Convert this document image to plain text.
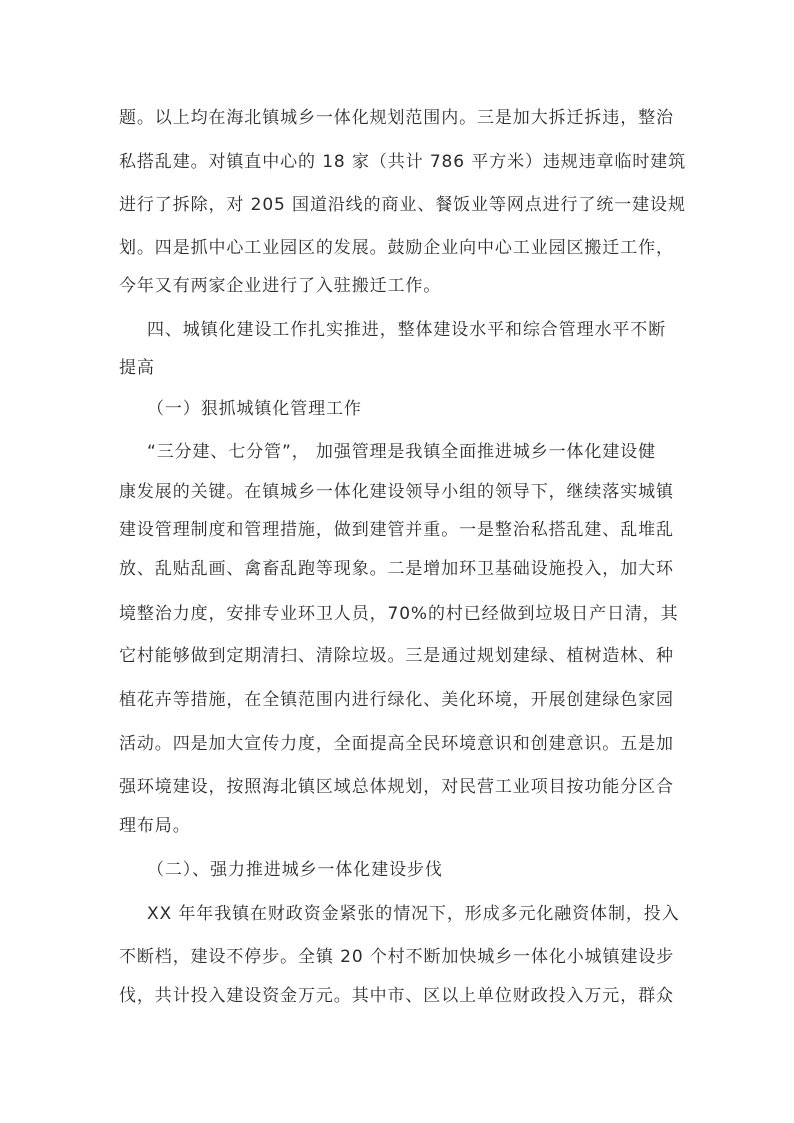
题。以上均在海北镇城乡一体化规划范围内。三是加大拆迁拆违，整治
私搭乱建。对镇直中心的 18 家（共计 786 平方米）违规违章临时建筑
进行了拆除，对 205 国道沿线的商业、餐饭业等网点进行了统一建设规
划。四是抓中心工业园区的发展。鼓励企业向中心工业园区搬迁工作，
今年又有两家企业进行了入驻搬迁工作。
四、城镇化建设工作扎实推进，整体建设水平和综合管理水平不断
提高
（一）狠抓城镇化管理工作
“三分建、七分管”， 加强管理是我镇全面推进城乡一体化建设健
康发展的关键。在镇城乡一体化建设领导小组的领导下，继续落实城镇
建设管理制度和管理措施，做到建管并重。一是整治私搭乱建、乱堆乱
放、乱贴乱画、禽畜乱跑等现象。二是增加环卫基础设施投入，加大环
境整治力度，安排专业环卫人员，70%的村已经做到垃圾日产日清，其
它村能够做到定期清扫、清除垃圾。三是通过规划建绿、植树造林、种
植花卉等措施，在全镇范围内进行绿化、美化环境，开展创建绿色家园
活动。四是加大宣传力度，全面提高全民环境意识和创建意识。五是加
强环境建设，按照海北镇区域总体规划，对民营工业项目按功能分区合
理布局。
（二）、强力推进城乡一体化建设步伐
XX 年年我镇在财政资金紧张的情况下，形成多元化融资体制，投入
不断档，建设不停步。全镇 20 个村不断加快城乡一体化小城镇建设步
伐，共计投入建设资金万元。其中市、区以上单位财政投入万元，群众
